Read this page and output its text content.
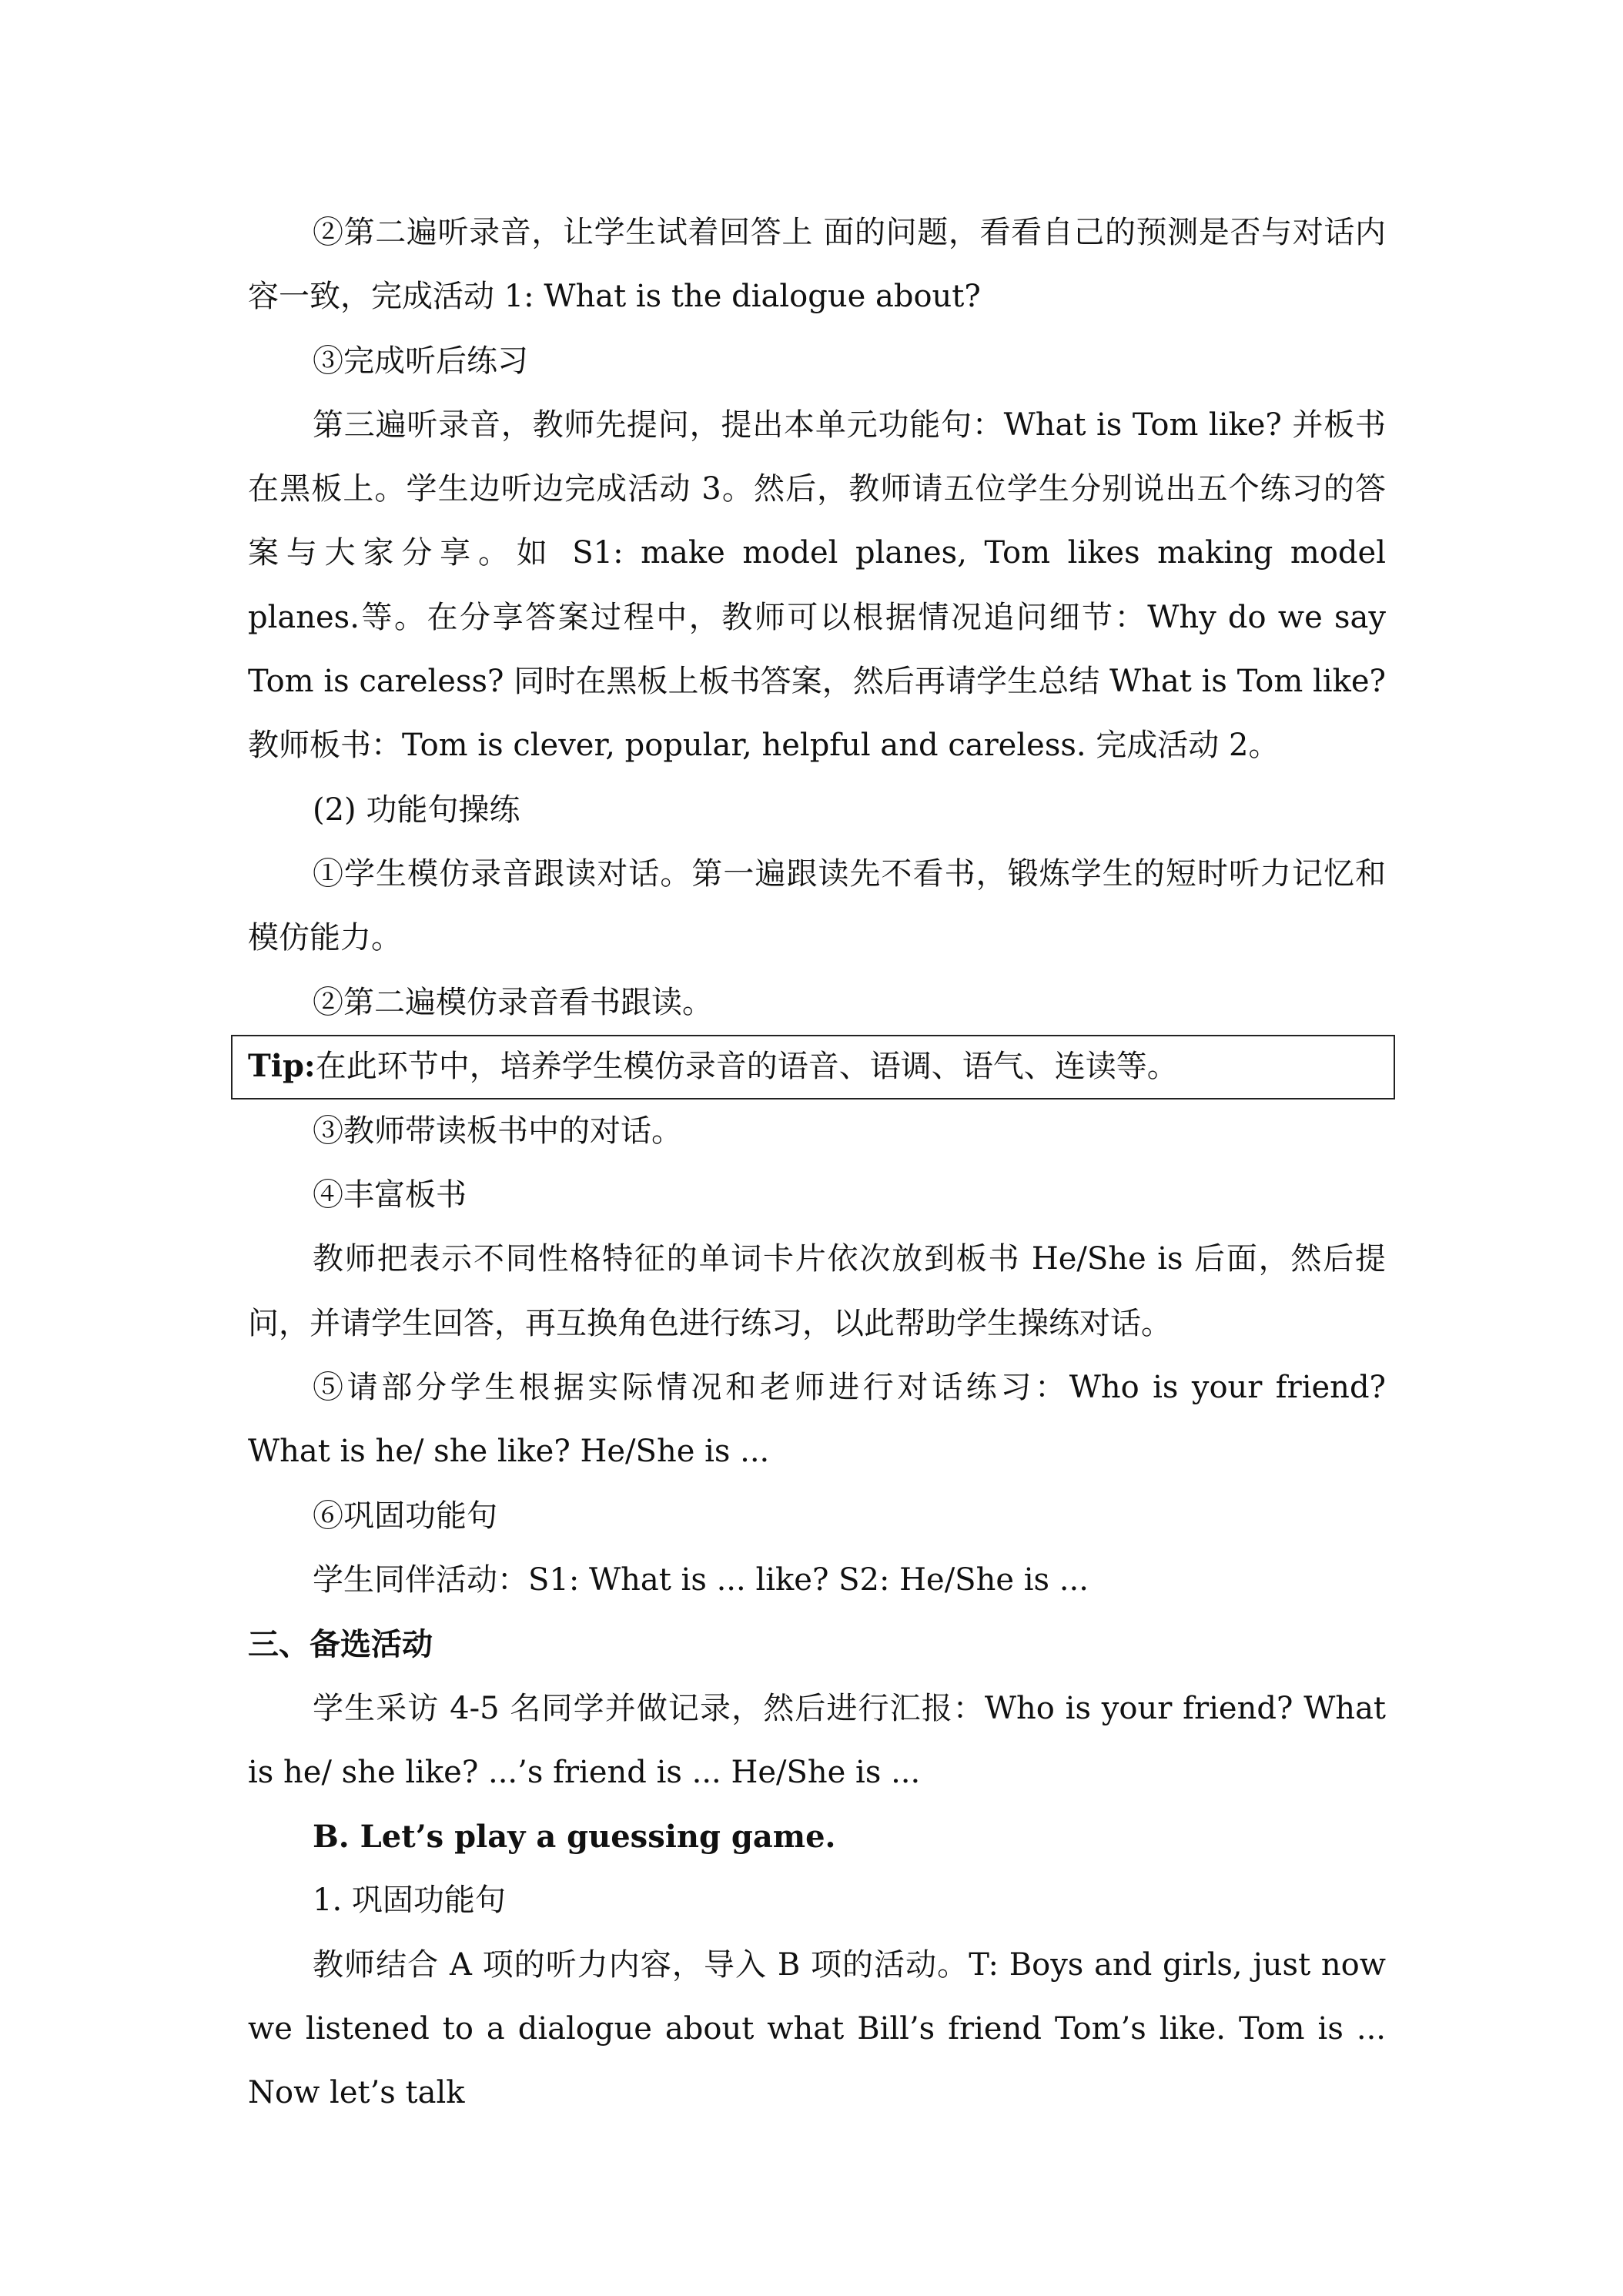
②第二遍听录音，让学生试着回答上 面的问题，看看自己的预测是否与对话内容一致，完成活动 1: What is the dialogue about?

③完成听后练习

第三遍听录音，教师先提问，提出本单元功能句：What is Tom like? 并板书在黑板上。学生边听边完成活动 3。然后，教师请五位学生分别说出五个练习的答案与大家分享。如 S1: make model planes, Tom likes making model planes.等。在分享答案过程中，教师可以根据情况追问细节：Why do we say Tom is careless? 同时在黑板上板书答案，然后再请学生总结 What is Tom like? 教师板书：Tom is clever, popular, helpful and careless. 完成活动 2。

(2) 功能句操练

①学生模仿录音跟读对话。第一遍跟读先不看书，锻炼学生的短时听力记忆和模仿能力。

②第二遍模仿录音看书跟读。

Tip:在此环节中，培养学生模仿录音的语音、语调、语气、连读等。

③教师带读板书中的对话。

④丰富板书

教师把表示不同性格特征的单词卡片依次放到板书 He/She is 后面，然后提问，并请学生回答，再互换角色进行练习，以此帮助学生操练对话。

⑤请部分学生根据实际情况和老师进行对话练习：Who is your friend? What is he/ she like? He/She is ...

⑥巩固功能句

学生同伴活动：S1: What is ... like? S2: He/She is ...

三、备选活动

学生采访 4-5 名同学并做记录，然后进行汇报：Who is your friend? What is he/ she like? ...’s friend is ... He/She is ...

B. Let’s play a guessing game.

1. 巩固功能句

教师结合 A 项的听力内容，导入 B 项的活动。T: Boys and girls, just now we listened to a dialogue about what Bill’s friend Tom’s like. Tom is ... Now let’s talk
